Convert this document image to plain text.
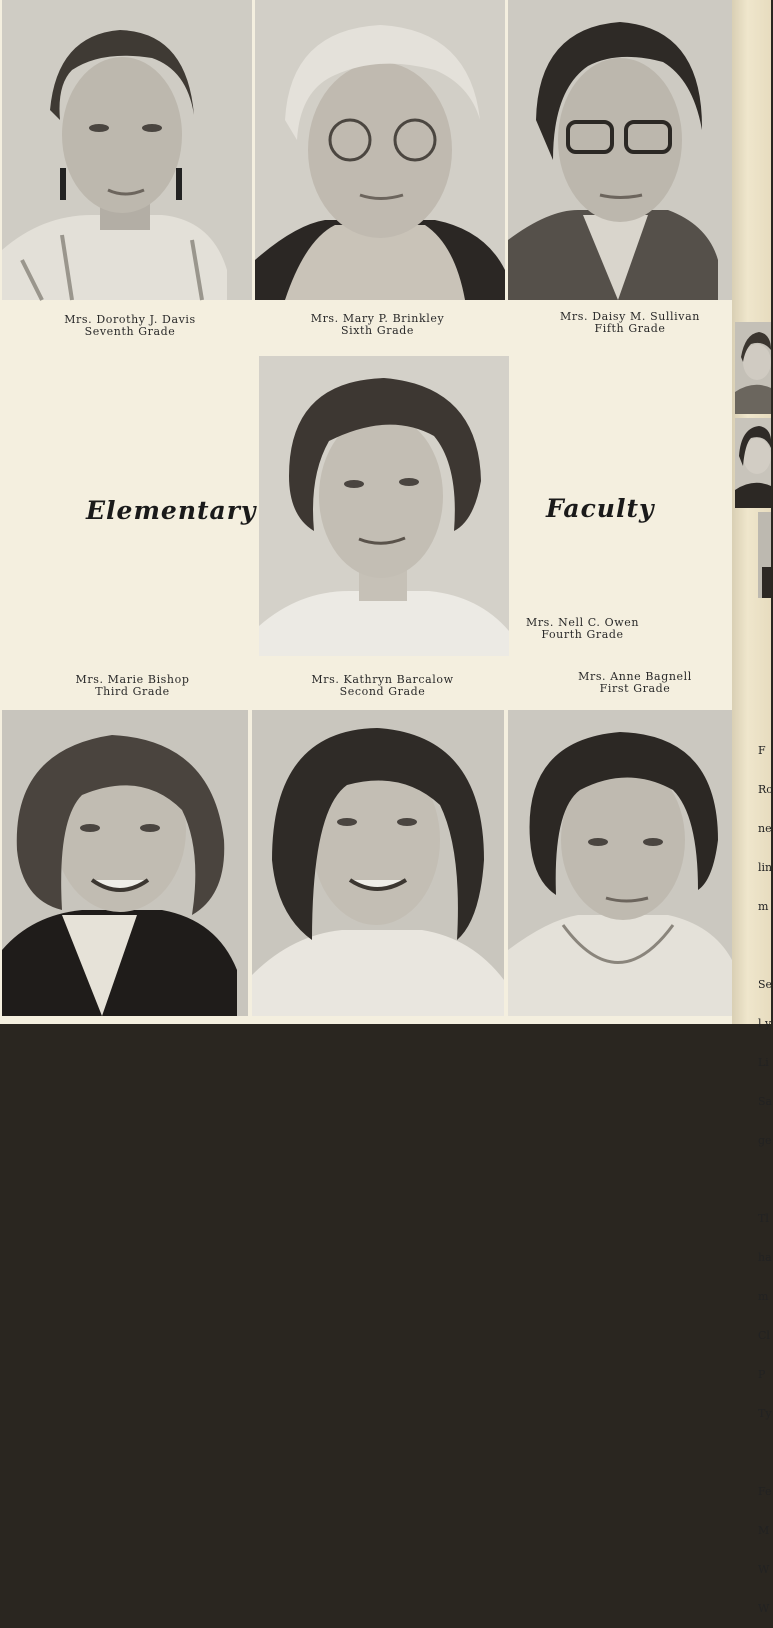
Mrs. Dorothy J. Davis
Seventh Grade
Mrs. Mary P. Brinkley
Sixth Grade
Mrs. Daisy M. Sullivan
Fifth Grade
Elementary	Faculty
Mrs. Nell C. Owen
Fourth Grade
Mrs. Marie Bishop
Third Grade
Mrs. Kathryn Barcalow
Second Grade
Mrs. Anne Bagnell
First Grade

F

Ro

ne

lin

m

Se

l y

Li

Sa

ge

Tl

ha

m

Cl

P

Ty

Fe

M

W

W
